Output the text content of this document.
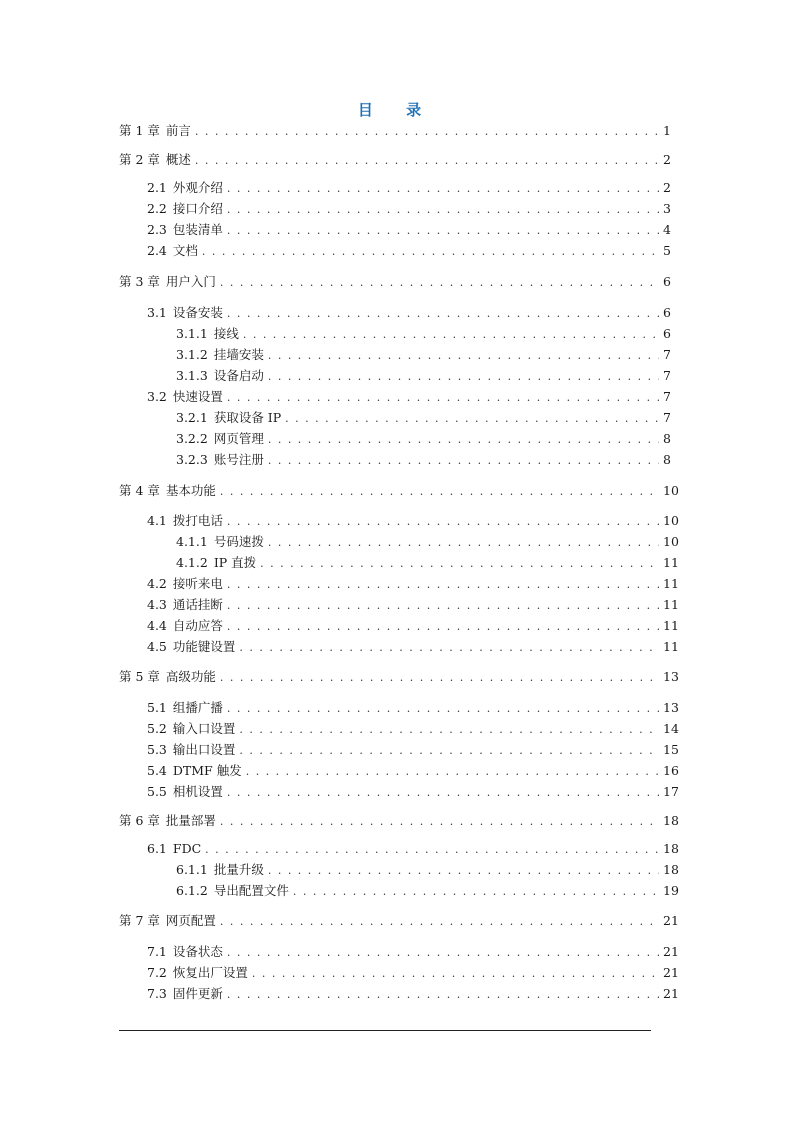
目 录
第 1 章 前言 . . .	1
第 2 章 概述 . . .	2
2.1 外观介绍 . . .	2
2.2 接口介绍 . . .	3
2.3 包装清单 . . .	4
2.4 文档 . . .	5
第 3 章 用户入门 . . .	6
3.1 设备安装 . . .	6
3.1.1 接线 . . .	6
3.1.2 挂墙安装 . . .	7
3.1.3 设备启动 . . .	7
3.2 快速设置 . . .	7
3.2.1 获取设备 IP . . .	7
3.2.2 网页管理 . . .	8
3.2.3 账号注册 . . .	8
第 4 章 基本功能 . . .	10
4.1 拨打电话 . . .	10
4.1.1 号码速拨 . . .	10
4.1.2 IP 直拨 . . .	11
4.2 接听来电 . . .	11
4.3 通话挂断 . . .	11
4.4 自动应答 . . .	11
4.5 功能键设置 . . .	11
第 5 章 高级功能 . . .	13
5.1 组播广播 . . .	13
5.2 输入口设置 . . .	14
5.3 输出口设置 . . .	15
5.4 DTMF 触发 . . .	16
5.5 相机设置 . . .	17
第 6 章 批量部署 . . .	18
6.1 FDC . . .	18
6.1.1 批量升级 . . .	18
6.1.2 导出配置文件 . . .	19
第 7 章 网页配置 . . .	21
7.1 设备状态 . . .	21
7.2 恢复出厂设置 . . .	21
7.3 固件更新 . . .	21
